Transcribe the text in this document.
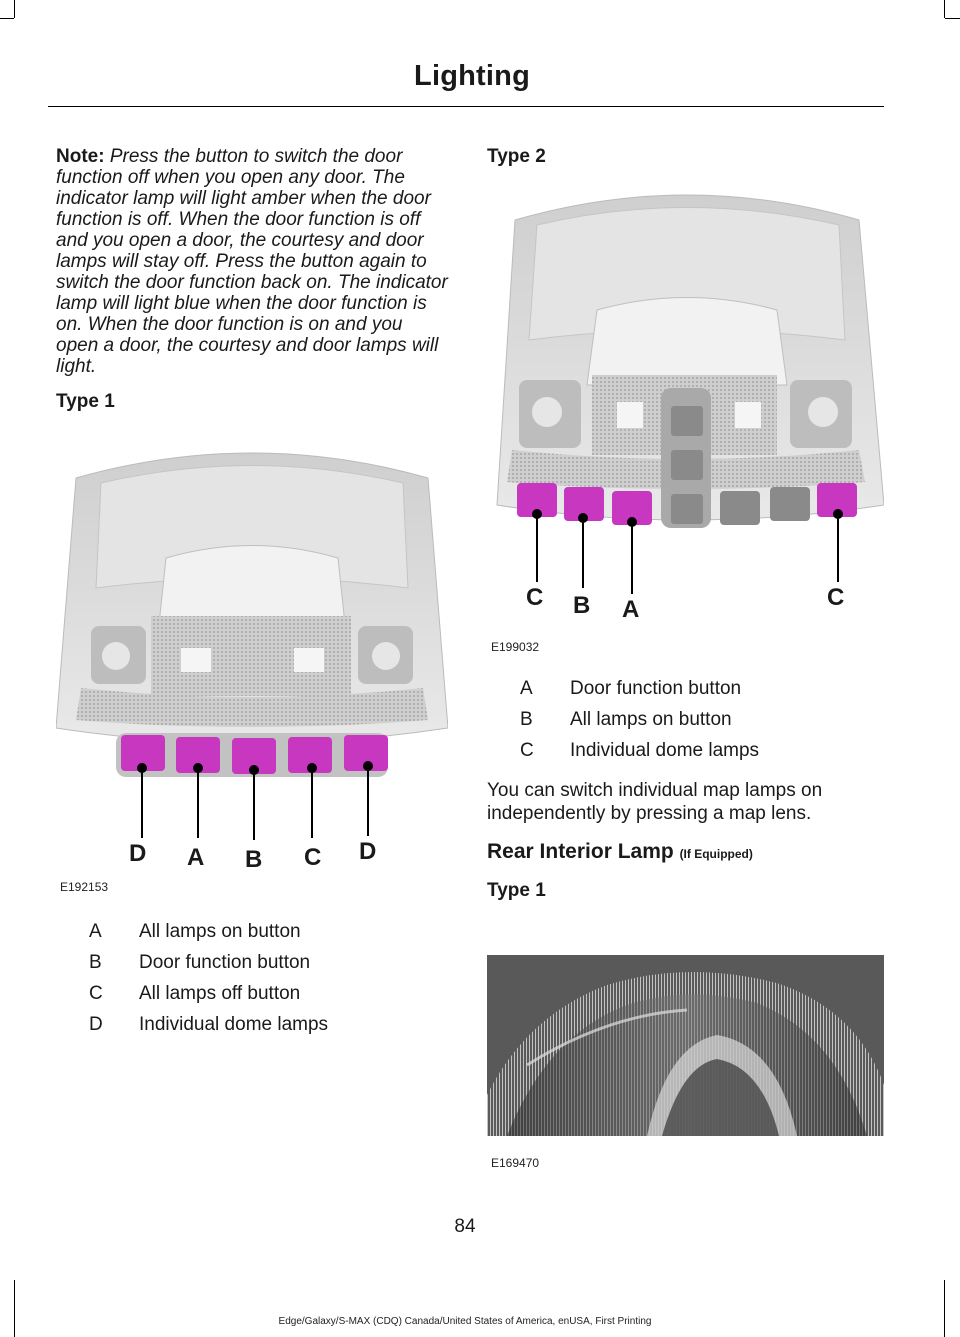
Lighting

Note: Press the button to switch the door function off when you open any door. The indicator lamp will light amber when the door function is off. When the door function is off and you open a door, the courtesy and door lamps will stay off. Press the button again to switch the door function back on. The indicator lamp will light blue when the door function is on. When the door function is on and you open a door, the courtesy and door lamps will light.

Type 1

D A B C D
E192153
A	All lamps on button
B	Door function button
C	All lamps off button
D	Individual dome lamps

Type 2

C B A	C
E199032
A	Door function button
B	All lamps on button
C	Individual dome lamps

You can switch individual map lamps on independently by pressing a map lens.

Rear Interior Lamp (If Equipped)

Type 1

E169470
84
Edge/Galaxy/S-MAX (CDQ) Canada/United States of America, enUSA, First Printing
